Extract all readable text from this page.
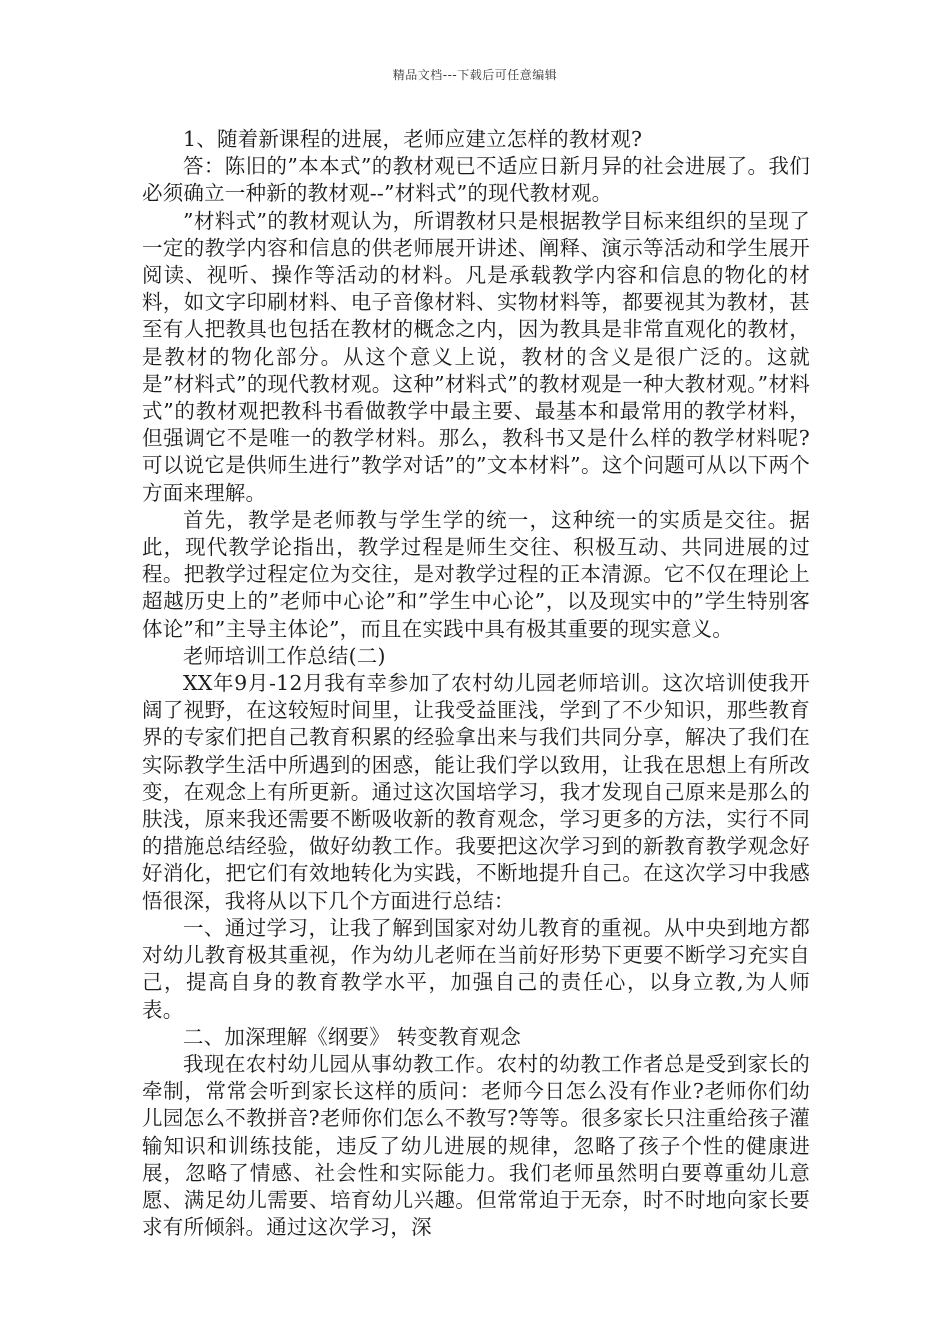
精品文档---下载后可任意编辑

1、随着新课程的进展，老师应建立怎样的教材观?

答：陈旧的”本本式”的教材观已不适应日新月异的社会进展了。我们必须确立一种新的教材观--”材料式”的现代教材观。

”材料式”的教材观认为，所谓教材只是根据教学目标来组织的呈现了一定的教学内容和信息的供老师展开讲述、阐释、演示等活动和学生展开阅读、视听、操作等活动的材料。凡是承载教学内容和信息的物化的材料，如文字印刷材料、电子音像材料、实物材料等，都要视其为教材，甚至有人把教具也包括在教材的概念之内，因为教具是非常直观化的教材，是教材的物化部分。从这个意义上说，教材的含义是很广泛的。这就是”材料式”的现代教材观。这种”材料式”的教材观是一种大教材观。”材料式”的教材观把教科书看做教学中最主要、最基本和最常用的教学材料，但强调它不是唯一的教学材料。那么，教科书又是什么样的教学材料呢?可以说它是供师生进行”教学对话”的”文本材料”。这个问题可从以下两个方面来理解。

首先，教学是老师教与学生学的统一，这种统一的实质是交往。据此，现代教学论指出，教学过程是师生交往、积极互动、共同进展的过程。把教学过程定位为交往，是对教学过程的正本清源。它不仅在理论上超越历史上的”老师中心论”和”学生中心论”，以及现实中的”学生特别客体论”和”主导主体论”，而且在实践中具有极其重要的现实意义。

老师培训工作总结(二)

XX年9月-12月我有幸参加了农村幼儿园老师培训。这次培训使我开阔了视野，在这较短时间里，让我受益匪浅，学到了不少知识，那些教育界的专家们把自己教育积累的经验拿出来与我们共同分享，解决了我们在实际教学生活中所遇到的困惑，能让我们学以致用，让我在思想上有所改变，在观念上有所更新。通过这次国培学习，我才发现自己原来是那么的肤浅，原来我还需要不断吸收新的教育观念，学习更多的方法，实行不同的措施总结经验，做好幼教工作。我要把这次学习到的新教育教学观念好好消化，把它们有效地转化为实践，不断地提升自己。在这次学习中我感悟很深，我将从以下几个方面进行总结：

一、通过学习，让我了解到国家对幼儿教育的重视。从中央到地方都对幼儿教育极其重视，作为幼儿老师在当前好形势下更要不断学习充实自己，提高自身的教育教学水平，加强自己的责任心，以身立教,为人师表。

二、加深理解《纲要》 转变教育观念

我现在农村幼儿园从事幼教工作。农村的幼教工作者总是受到家长的牵制，常常会听到家长这样的质问：老师今日怎么没有作业?老师你们幼儿园怎么不教拼音?老师你们怎么不教写?等等。很多家长只注重给孩子灌输知识和训练技能，违反了幼儿进展的规律，忽略了孩子个性的健康进展，忽略了情感、社会性和实际能力。我们老师虽然明白要尊重幼儿意愿、满足幼儿需要、培育幼儿兴趣。但常常迫于无奈，时不时地向家长要求有所倾斜。通过这次学习，深
